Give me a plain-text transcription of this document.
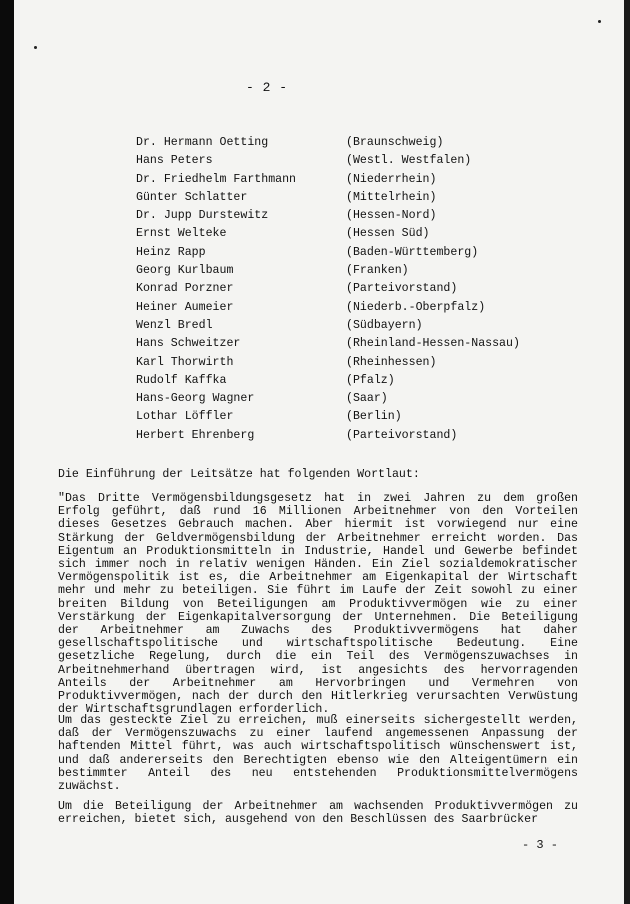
- 2 -
Dr. Hermann Oetting	(Braunschweig)
Hans Peters	(Westl. Westfalen)
Dr. Friedhelm Farthmann	(Niederrhein)
Günter Schlatter	(Mittelrhein)
Dr. Jupp Durstewitz	(Hessen-Nord)
Ernst Welteke	(Hessen Süd)
Heinz Rapp	(Baden-Württemberg)
Georg Kurlbaum	(Franken)
Konrad Porzner	(Parteivorstand)
Heiner Aumeier	(Niederb.-Oberpfalz)
Wenzl Bredl	(Südbayern)
Hans Schweitzer	(Rheinland-Hessen-Nassau)
Karl Thorwirth	(Rheinhessen)
Rudolf Kaffka	(Pfalz)
Hans-Georg Wagner	(Saar)
Lothar Löffler	(Berlin)
Herbert Ehrenberg	(Parteivorstand)

Die Einführung der Leitsätze hat folgenden Wortlaut:

"Das Dritte Vermögensbildungsgesetz hat in zwei Jahren zu dem großen Erfolg geführt, daß rund 16 Millionen Arbeitnehmer von den Vorteilen dieses Gesetzes Gebrauch machen. Aber hiermit ist vorwiegend nur eine Stärkung der Geldvermögensbildung der Arbeitnehmer erreicht worden. Das Eigentum an Produktionsmitteln in Industrie, Handel und Gewerbe befindet sich immer noch in relativ wenigen Händen. Ein Ziel sozialdemokratischer Vermögenspolitik ist es, die Arbeitnehmer am Eigenkapital der Wirtschaft mehr und mehr zu beteiligen. Sie führt im Laufe der Zeit sowohl zu einer breiten Bildung von Beteiligungen am Produktivvermögen wie zu einer Verstärkung der Eigenkapitalversorgung der Unternehmen. Die Beteiligung der Arbeitnehmer am Zuwachs des Produktivvermögens hat daher gesellschaftspolitische und wirtschaftspolitische Bedeutung. Eine gesetzliche Regelung, durch die ein Teil des Vermögenszuwachses in Arbeitnehmerhand übertragen wird, ist angesichts des hervorragenden Anteils der Arbeitnehmer am Hervorbringen und Vermehren von Produktivvermögen, nach der durch den Hitlerkrieg verursachten Verwüstung der Wirtschaftsgrundlagen erforderlich.

Um das gesteckte Ziel zu erreichen, muß einerseits sichergestellt werden, daß der Vermögenszuwachs zu einer laufend angemessenen Anpassung der haftenden Mittel führt, was auch wirtschaftspolitisch wünschenswert ist, und daß andererseits den Berechtigten ebenso wie den Alteigentümern ein bestimmter Anteil des neu entstehenden Produktionsmittelvermögens zuwächst.

Um die Beteiligung der Arbeitnehmer am wachsenden Produktivvermögen zu erreichen, bietet sich, ausgehend von den Beschlüssen des Saarbrücker

- 3 -
